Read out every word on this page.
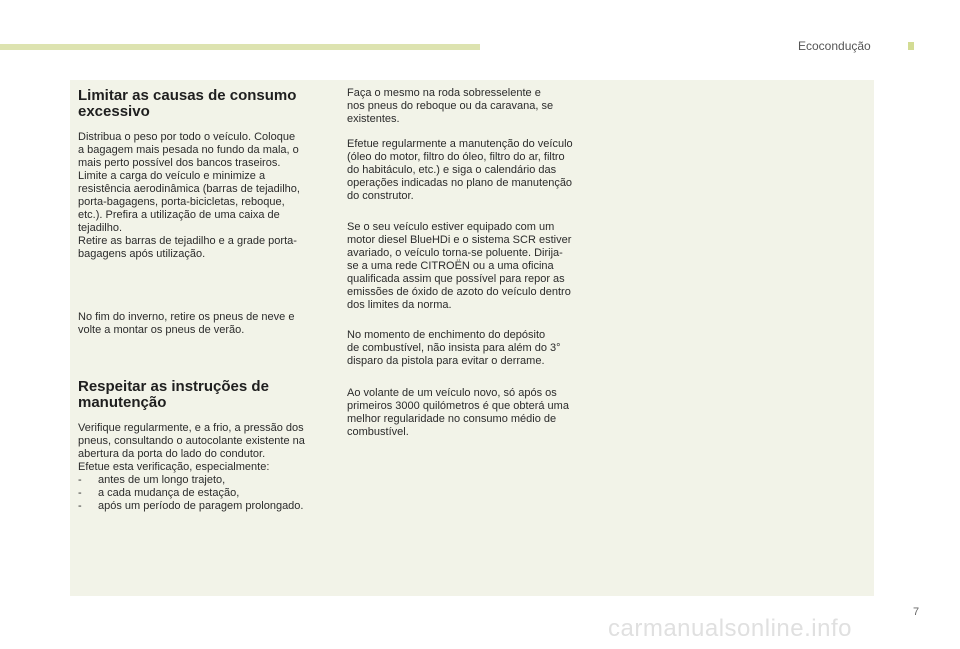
Ecocondução
Limitar as causas de consumo
excessivo

Distribua o peso por todo o veículo. Coloque
a bagagem mais pesada no fundo da mala, o
mais perto possível dos bancos traseiros.
Limite a carga do veículo e minimize a
resistência aerodinâmica (barras de tejadilho,
porta-bagagens, porta-bicicletas, reboque,
etc.). Prefira a utilização de uma caixa de
tejadilho.
Retire as barras de tejadilho e a grade porta-
bagagens após utilização.

No fim do inverno, retire os pneus de neve e
volte a montar os pneus de verão.

Respeitar as instruções de
manutenção

Verifique regularmente, e a frio, a pressão dos
pneus, consultando o autocolante existente na
abertura da porta do lado do condutor.
Efetue esta verificação, especialmente:

- antes de um longo trajeto,
- a cada mudança de estação,
- após um período de paragem prolongado.

Faça o mesmo na roda sobresselente e
nos pneus do reboque ou da caravana, se
existentes.

Efetue regularmente a manutenção do veículo
(óleo do motor, filtro do óleo, filtro do ar, filtro
do habitáculo, etc.) e siga o calendário das
operações indicadas no plano de manutenção
do construtor.

Se o seu veículo estiver equipado com um
motor diesel BlueHDi e o sistema SCR estiver
avariado, o veículo torna-se poluente. Dirija-
se a uma rede CITROËN ou a uma oficina
qualificada assim que possível para repor as
emissões de óxido de azoto do veículo dentro
dos limites da norma.

No momento de enchimento do depósito
de combustível, não insista para além do 3°
disparo da pistola para evitar o derrame.

Ao volante de um veículo novo, só após os
primeiros 3000 quilómetros é que obterá uma
melhor regularidade no consumo médio de
combustível.

7
carmanualsonline.info
